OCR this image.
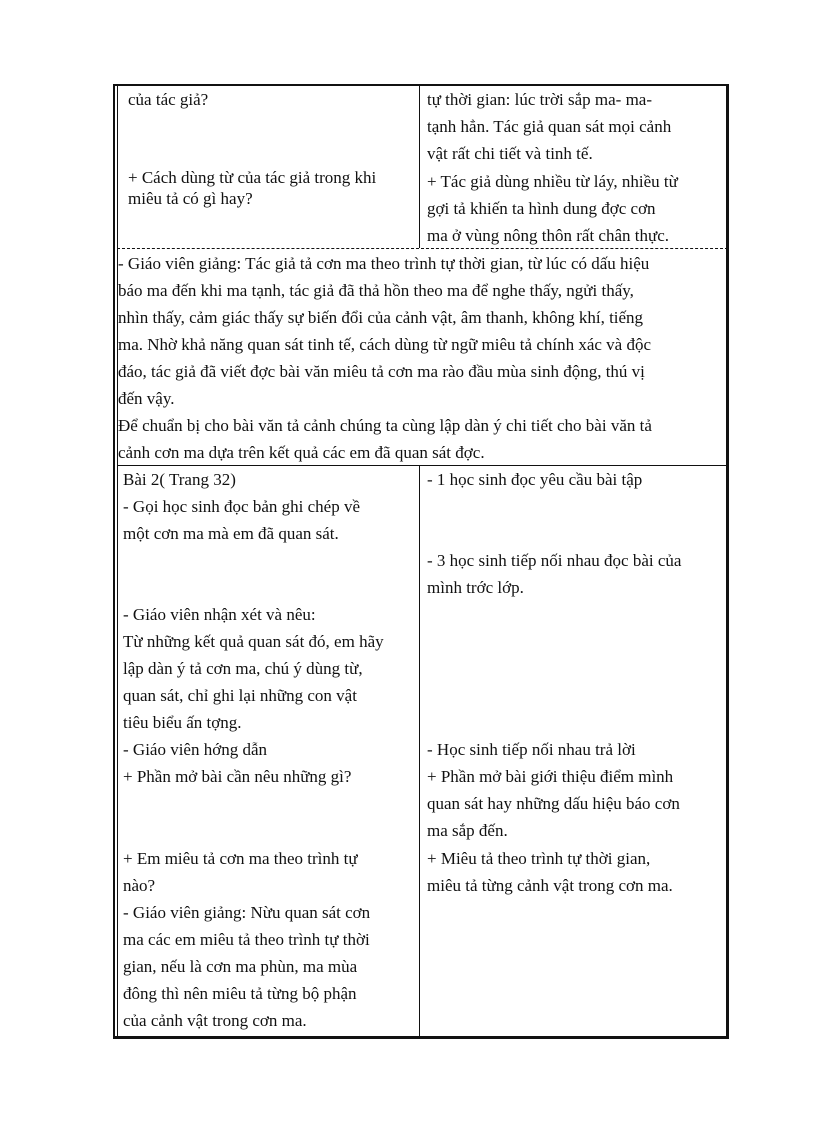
của tác giả?
+ Cách dùng từ của tác giả trong khi
miêu tả có gì hay?
tự thời gian: lúc trời sắp ma- ma-
tạnh hẳn. Tác giả quan sát mọi cảnh
vật rất chi tiết và tinh tế.
+ Tác giả dùng nhiều từ láy, nhiều từ
gợi tả khiến ta hình dung đợc cơn
ma ở vùng nông thôn rất chân thực.
- Giáo viên giảng: Tác giả tả cơn ma theo trình tự thời gian, từ lúc có dấu hiệu
báo ma đến khi ma tạnh, tác giả đã thả hồn theo ma để nghe thấy, ngửi thấy,
nhìn thấy, cảm giác thấy sự biến đổi của cảnh vật, âm thanh, không khí, tiếng
ma. Nhờ khả năng quan sát tinh tế, cách dùng từ ngữ miêu tả chính xác và độc
đáo, tác giả đã viết đợc bài văn miêu tả cơn ma rào đầu mùa sinh động, thú vị
đến vậy.
Để chuẩn bị cho bài văn tả cảnh chúng ta cùng lập dàn ý chi tiết cho bài văn tả
cảnh cơn ma dựa trên kết quả các em đã quan sát đợc.
Bài 2( Trang 32)
- Gọi học sinh đọc bản ghi chép về
một cơn ma mà em đã quan sát.
- Giáo viên nhận xét và nêu:
Từ những kết quả quan sát đó, em hãy
lập dàn ý tả cơn ma, chú ý dùng từ,
quan sát, chỉ ghi lại những con vật
tiêu biểu ấn tợng.
- Giáo viên hớng dẫn
+ Phần mở bài cần nêu những gì?
+ Em miêu tả cơn ma theo trình tự
nào?
- Giáo viên giảng: Nừu quan sát cơn
ma các em miêu tả theo trình tự thời
gian, nếu là cơn ma phùn, ma mùa
đông thì nên miêu tả từng bộ phận
của cảnh vật trong cơn ma.
- 1 học sinh đọc yêu cầu bài tập
- 3 học sinh tiếp nối nhau đọc bài của
mình trớc lớp.
- Học sinh tiếp nối nhau trả lời
+ Phần mở bài giới thiệu điểm mình
quan sát hay những dấu hiệu báo cơn
ma sắp đến.
+ Miêu tả theo trình tự thời gian,
miêu tả từng cảnh vật trong cơn ma.
